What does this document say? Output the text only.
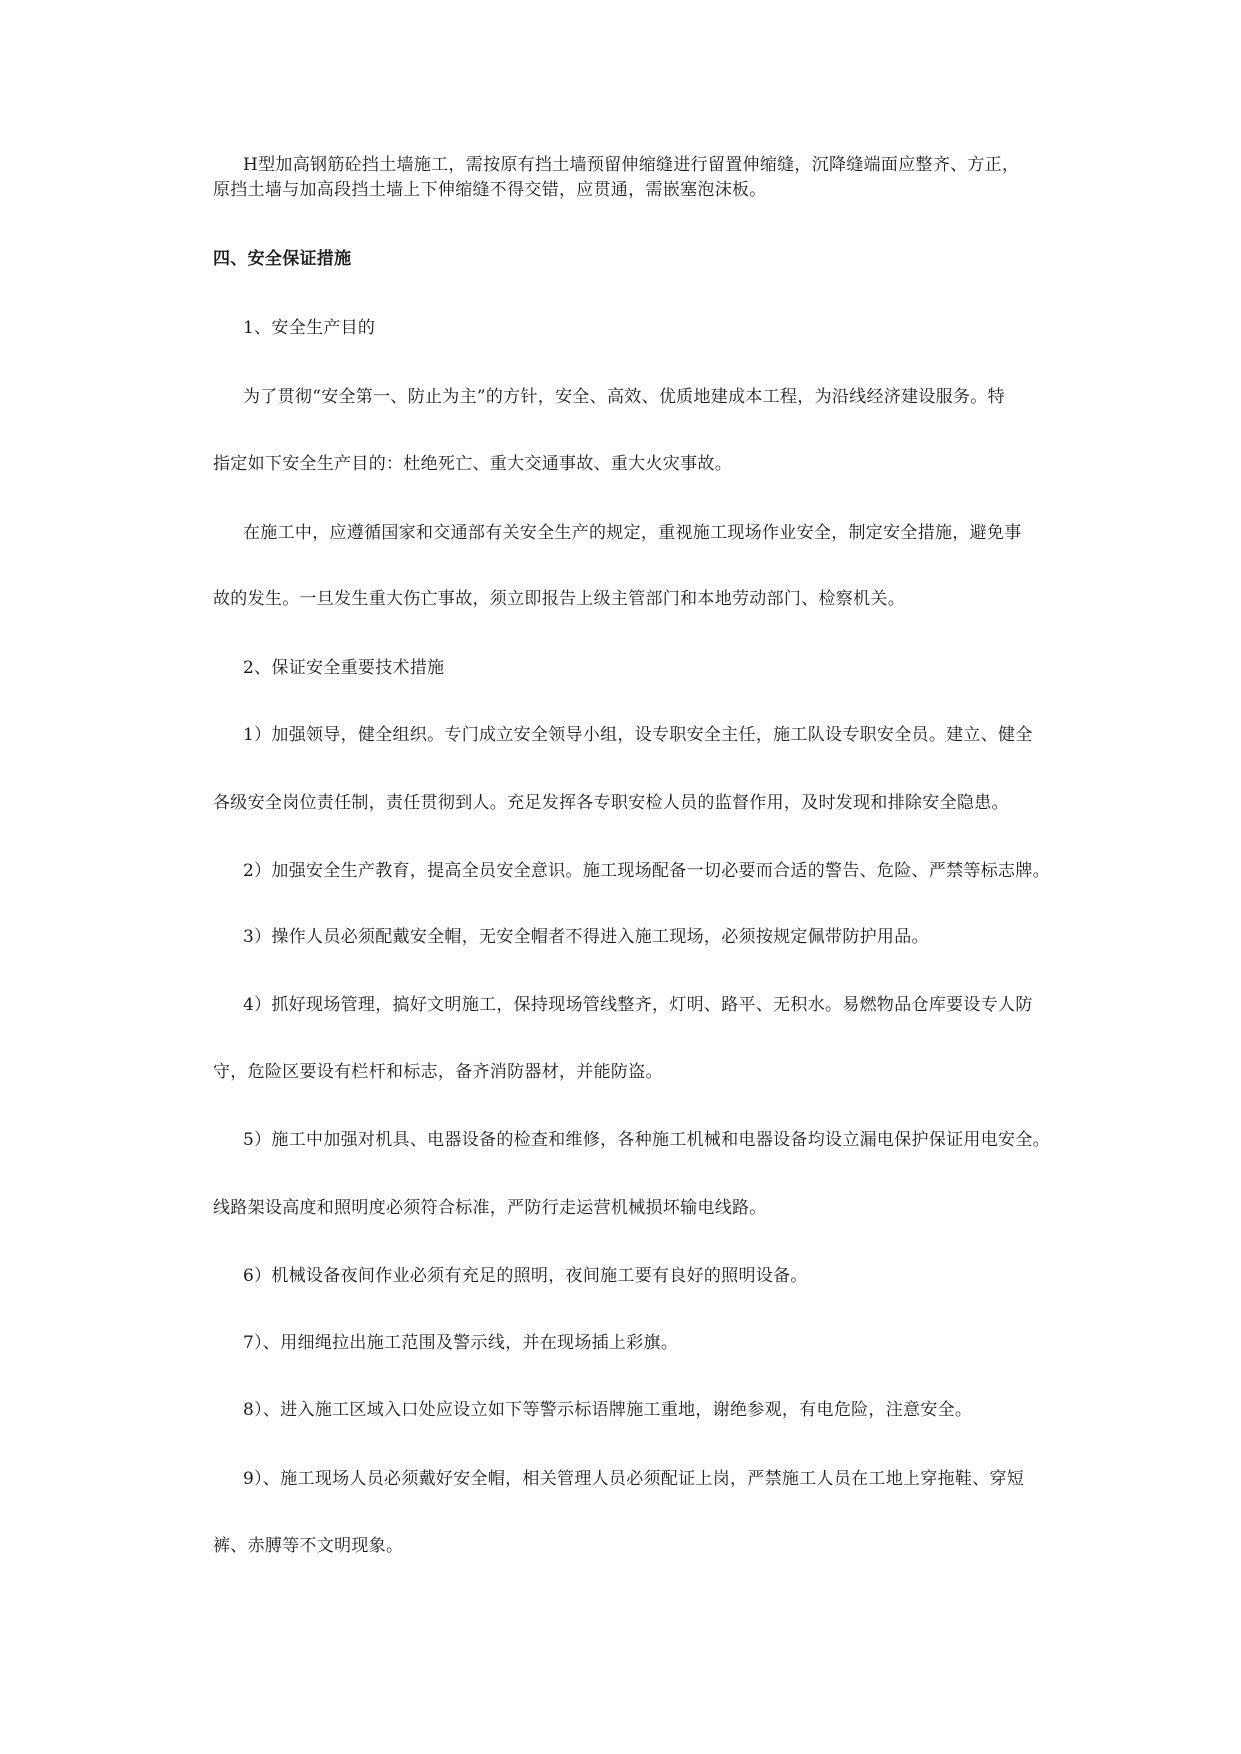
H型加高钢筋砼挡土墙施工，需按原有挡土墙预留伸缩缝进行留置伸缩缝，沉降缝端面应整齐、方正，
原挡土墙与加高段挡土墙上下伸缩缝不得交错，应贯通，需嵌塞泡沫板。
四、安全保证措施
1、安全生产目的
为了贯彻“安全第一、防止为主”的方针，安全、高效、优质地建成本工程，为沿线经济建设服务。特
指定如下安全生产目的：杜绝死亡、重大交通事故、重大火灾事故。
在施工中，应遵循国家和交通部有关安全生产的规定，重视施工现场作业安全，制定安全措施，避免事
故的发生。一旦发生重大伤亡事故，须立即报告上级主管部门和本地劳动部门、检察机关。
2、保证安全重要技术措施
1）加强领导，健全组织。专门成立安全领导小组，设专职安全主任，施工队设专职安全员。建立、健全
各级安全岗位责任制，责任贯彻到人。充足发挥各专职安检人员的监督作用，及时发现和排除安全隐患。
2）加强安全生产教育，提高全员安全意识。施工现场配备一切必要而合适的警告、危险、严禁等标志牌。
3）操作人员必须配戴安全帽，无安全帽者不得进入施工现场，必须按规定佩带防护用品。
4）抓好现场管理，搞好文明施工，保持现场管线整齐，灯明、路平、无积水。易燃物品仓库要设专人防
守，危险区要设有栏杆和标志，备齐消防器材，并能防盗。
5）施工中加强对机具、电器设备的检查和维修，各种施工机械和电器设备均设立漏电保护保证用电安全。
线路架设高度和照明度必须符合标准，严防行走运营机械损坏输电线路。
6）机械设备夜间作业必须有充足的照明，夜间施工要有良好的照明设备。
7）、用细绳拉出施工范围及警示线，并在现场插上彩旗。
8）、进入施工区域入口处应设立如下等警示标语牌施工重地，谢绝参观，有电危险，注意安全。
9）、施工现场人员必须戴好安全帽，相关管理人员必须配证上岗，严禁施工人员在工地上穿拖鞋、穿短
裤、赤膊等不文明现象。
